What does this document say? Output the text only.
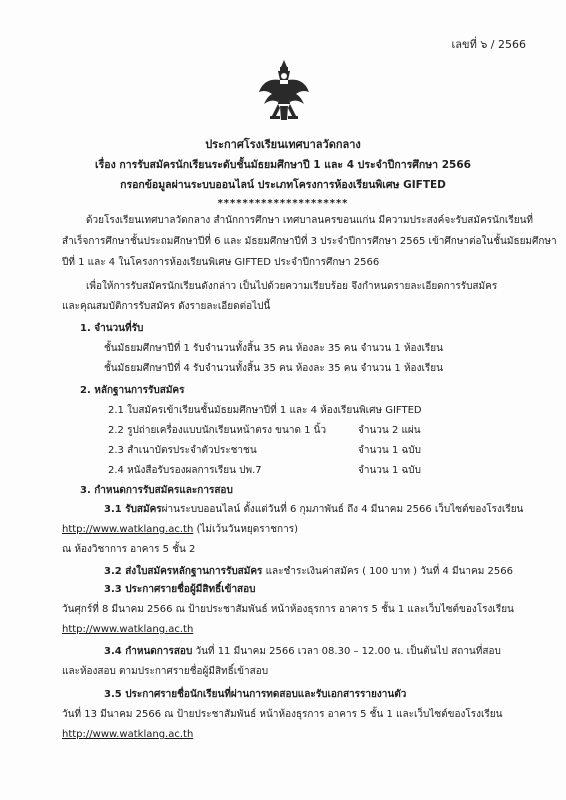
เลขที่ ๖ / 2566
ประกาศโรงเรียนเทศบาลวัดกลาง
เรื่อง การรับสมัครนักเรียนระดับชั้นมัธยมศึกษาปี 1 และ 4 ประจำปีการศึกษา 2566
กรอกข้อมูลผ่านระบบออนไลน์ ประเภทโครงการห้องเรียนพิเศษ GIFTED
*********************
ด้วยโรงเรียนเทศบาลวัดกลาง สำนักการศึกษา เทศบาลนครขอนแก่น มีความประสงค์จะรับสมัครนักเรียนที่
สำเร็จการศึกษาชั้นประถมศึกษาปีที่ 6 และ มัธยมศึกษาปีที่ 3 ประจำปีการศึกษา 2565 เข้าศึกษาต่อในชั้นมัธยมศึกษา
ปีที่ 1 และ 4 ในโครงการห้องเรียนพิเศษ GIFTED ประจำปีการศึกษา 2566
เพื่อให้การรับสมัครนักเรียนดังกล่าว เป็นไปด้วยความเรียบร้อย จึงกำหนดรายละเอียดการรับสมัคร
และคุณสมบัติการรับสมัคร ดังรายละเอียดต่อไปนี้
1. จำนวนที่รับ
ชั้นมัธยมศึกษาปีที่ 1 รับจำนวนทั้งสิ้น 35 คน ห้องละ 35 คน จำนวน 1 ห้องเรียน
ชั้นมัธยมศึกษาปีที่ 4 รับจำนวนทั้งสิ้น 35 คน ห้องละ 35 คน จำนวน 1 ห้องเรียน
2. หลักฐานการรับสมัคร
2.1 ใบสมัครเข้าเรียนชั้นมัธยมศึกษาปีที่ 1 และ 4 ห้องเรียนพิเศษ GIFTED
2.2 รูปถ่ายเครื่องแบบนักเรียนหน้าตรง ขนาด 1 นิ้ว	จำนวน 2 แผ่น
2.3 สำเนาบัตรประจำตัวประชาชน	จำนวน 1 ฉบับ
2.4 หนังสือรับรองผลการเรียน ปพ.7	จำนวน 1 ฉบับ
3. กำหนดการรับสมัครและการสอบ
3.1 รับสมัครผ่านระบบออนไลน์ ตั้งแต่วันที่ 6 กุมภาพันธ์ ถึง 4 มีนาคม 2566 เว็บไซต์ของโรงเรียน
http://www.watklang.ac.th (ไม่เว้นวันหยุดราชการ)
ณ ห้องวิชาการ อาคาร 5 ชั้น 2
3.2 ส่งใบสมัครหลักฐานการรับสมัคร และชำระเงินค่าสมัคร ( 100 บาท ) วันที่ 4 มีนาคม 2566
3.3 ประกาศรายชื่อผู้มีสิทธิ์เข้าสอบ
วันศุกร์ที่ 8 มีนาคม 2566 ณ ป้ายประชาสัมพันธ์ หน้าห้องธุรการ อาคาร 5 ชั้น 1 และเว็บไซต์ของโรงเรียน
http://www.watklang.ac.th
3.4 กำหนดการสอบ วันที่ 11 มีนาคม 2566 เวลา 08.30 – 12.00 น. เป็นต้นไป สถานที่สอบ
และห้องสอบ ตามประกาศรายชื่อผู้มีสิทธิ์เข้าสอบ
3.5 ประกาศรายชื่อนักเรียนที่ผ่านการทดสอบและรับเอกสารรายงานตัว
วันที่ 13 มีนาคม 2566 ณ ป้ายประชาสัมพันธ์ หน้าห้องธุรการ อาคาร 5 ชั้น 1 และเว็บไซต์ของโรงเรียน
http://www.watklang.ac.th
